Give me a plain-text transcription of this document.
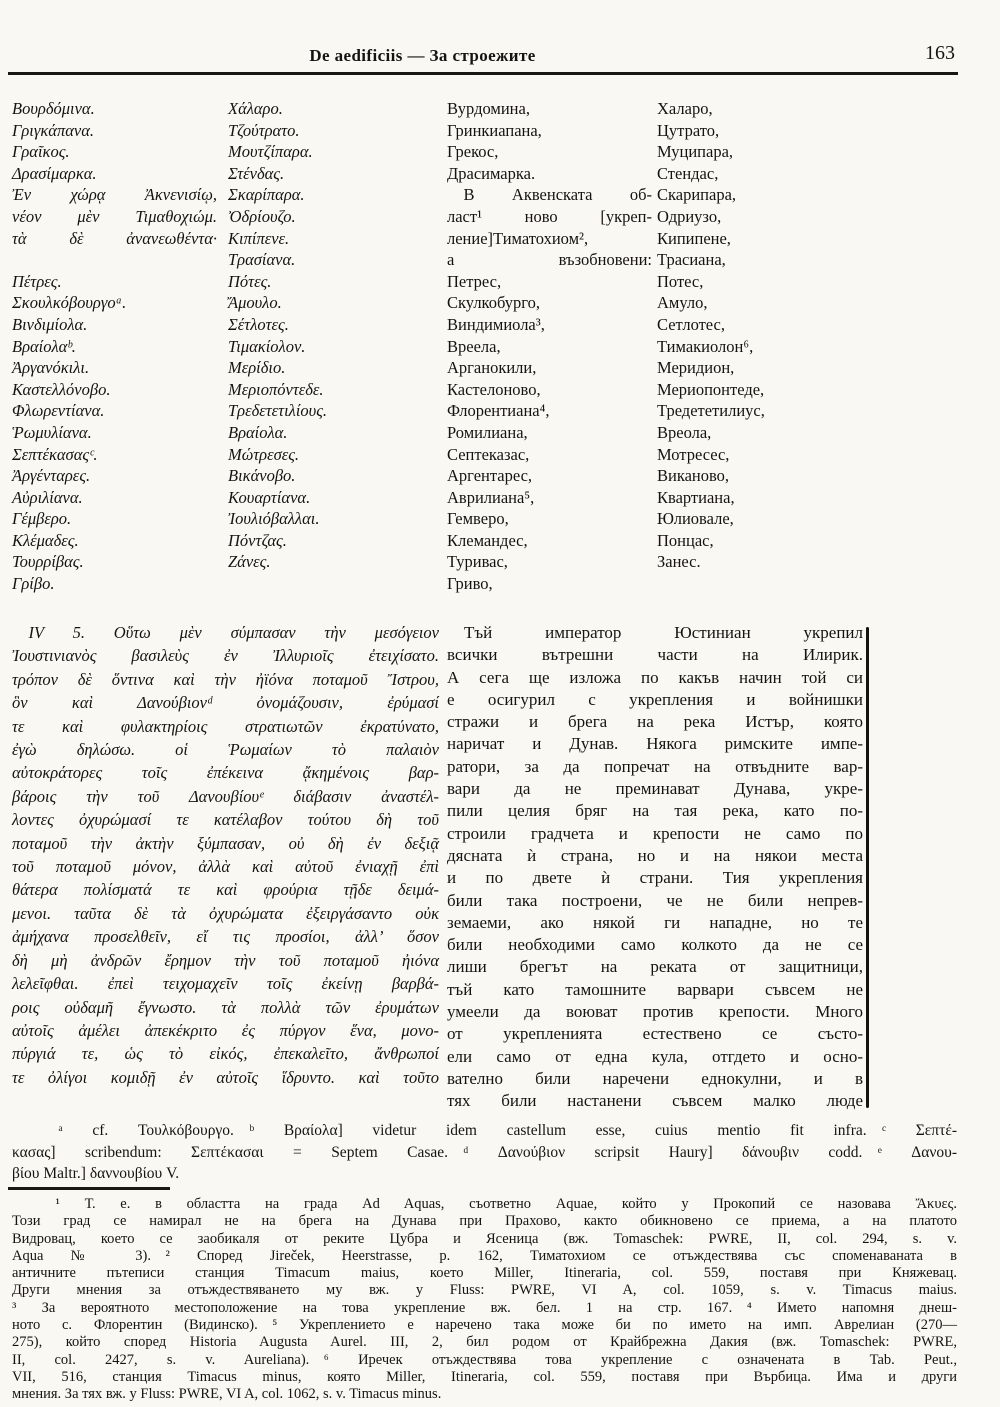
De aedificiis — За строежите	163
Βουρδόμινα.
Γριγκάπανα.
Γραῖκος.
Δρασίμαρκα.
Ἐν χώρᾳ Ἀκνενισίῳ,
νέον μὲν Τιμαθοχιώμ.
τὰ δὲ ἀνανεωθέντα·

Πέτρες.
Σκουλκόβουργοᵃ.
Βινδιμίολα.
Βραίολαᵇ.
Ἀργανόκιλι.
Καστελλόνοβο.
Φλωρεντίανα.
Ῥωμυλίανα.
Σεπτέκασαςᶜ.
Ἀργένταρες.
Αὐριλίανα.
Γέμβερο.
Κλέμαδες.
Τουρρίβας.
Γρίβο.
Χάλαρο.
Τζούτρατο.
Μουτζίπαρα.
Στένδας.
Σκαρίπαρα.
Ὀδρίουζο.
Κιπίπενε.
Τρασίανα.
Πότες.
Ἄμουλο.
Σέτλοτες.
Τιμακίολον.
Μερίδιο.
Μεριοπόντεδε.
Τρεδετετιλίους.
Βραίολα.
Μώτρεσες.
Βικάνοβο.
Κουαρτίανα.
Ἰουλιόβαλλαι.
Πόντζας.
Ζάνες.
Вурдомина,
Гринкиапана,
Грекос,
Драсимарка.
 В Аквенската об-
ласт¹ ново [укреп-
ление]Тиматохиом²,
а възобновени:
Петрес,
Скулкобурго,
Виндимиола³,
Вреела,
Арганокили,
Кастелоново,
Флорентиана⁴,
Ромилиана,
Септеказас,
Аргентарес,
Аврилиана⁵,
Гемверо,
Клемандес,
Туривас,
Гриво,
Халаро,
Цутрато,
Муципара,
Стендас,
Скарипара,
Одриузо,
Кипипене,
Трасиана,
Потес,
Амуло,
Сетлотес,
Тимакиолон⁶,
Меридион,
Мериопонтеде,
Тредететилиус,
Вреола,
Мотресес,
Виканово,
Квартиана,
Юлиовале,
Понцас,
Занес.
 IV 5. Οὕτω μὲν σύμπασαν τὴν μεσόγειον
Ἰουστινιανὸς βασιλεὺς ἐν Ἰλλυριοῖς ἐτειχίσατο.
τρόπον δὲ ὅντινα καὶ τὴν ἠϊόνα ποταμοῦ Ἴστρου,
ὃν καὶ Δανούβιονᵈ ὀνομάζουσιν, ἐρύμασί
τε καὶ φυλακτηρίοις στρατιωτῶν ἐκρατύνατο,
ἐγὼ δηλώσω. οἱ Ῥωμαίων τὸ παλαιὸν
αὐτοκράτορες τοῖς ἐπέκεινα ᾄκημένοις βαρ-
βάροις τὴν τοῦ Δανουβίουᵉ διάβασιν ἀναστέλ-
λοντες ὀχυρώμασί τε κατέλαβον τούτου δὴ τοῦ
ποταμοῦ τὴν ἀκτὴν ξύμπασαν, οὐ δὴ ἐν δεξιᾷ
τοῦ ποταμοῦ μόνον, ἀλλὰ καὶ αὐτοῦ ἐνιαχῇ ἐπὶ
θάτερα πολίσματά τε καὶ φρούρια τῇδε δειμά-
μενοι. ταῦτα δὲ τὰ ὀχυρώματα ἐξειργάσαντο οὐκ
ἀμήχανα προσελθεῖν, εἴ τις προσίοι, ἀλλ’ ὅσον
δὴ μὴ ἀνδρῶν ἔρημον τὴν τοῦ ποταμοῦ ἠιόνα
λελεῖφθαι. ἐπεὶ τειχομαχεῖν τοῖς ἐκείνῃ βαρβά-
ροις οὐδαμῆ ἔγνωστο. τὰ πολλὰ τῶν ἐρυμάτων
αὐτοῖς ἀμέλει ἀπεκέκριτο ἐς πύργον ἕνα, μονο-
πύργιά τε, ὡς τὸ εἰκός, ἐπεκαλεῖτο, ἄνθρωποί
τε ὀλίγοι κομιδῇ ἐν αὐτοῖς ἵδρυντο. καὶ τοῦτο
 Тъй император Юстиниан укрепил
всички вътрешни части на Илирик.
А сега ще изложа по какъв начин той си
е осигурил с укрепления и войнишки
стражи и брега на река Истър, която
наричат и Дунав. Някога римските импе-
ратори, за да попречат на отвъдните вар-
вари да не преминават Дунава, укре-
пили целия бряг на тая река, като по-
строили градчета и крепости не само по
дясната ѝ страна, но и на някои места
и по двете ѝ страни. Тия укрепления
били така построени, че не били непрев-
земаеми, ако някой ги нападне, но те
били необходими само колкото да не се
лиши брегът на реката от защитници,
тъй като тамошните варвари съвсем не
умеели да воюват против крепости. Много
от укрепленията естествено се състо-
ели само от една кула, отгдето и осно-
вателно били наречени еднокулни, и в
тях били настанени съвсем малко люде
   ᵃ cf. Τουλκόβουργο. ᵇ Βραίολα] videtur idem castellum esse, cuius mentio fit infra. ᶜ Σεπτέ-
κασας] scribendum: Σεπτέκασαι = Septem Casae. ᵈ Δανούβιον scripsit Haury] δάνουβιν codd. ᵉ Δανου-
βίου Maltr.] δαννουβίου V.
   ¹ Т. е. в областта на града Ad Aquas, съответно Aquae, който у Прокопий се назовава Ἄκυες.
Този град се намирал не на брега на Дунава при Прахово, както обикновено се приема, а на платото
Видровац, което се заобикаля от реките Цубра и Ясеница (вж. Tomaschek: PWRE, II, col. 294, s. v.
Aqua № 3). ² Според Jireček, Heerstrasse, p. 162, Тиматохиом се отъждествява със споменаваната в
античните пътеписи станция Timacum maius, което Miller, Itineraria, col. 559, поставя при Княжевац.
Други мнения за отъждествяването му вж. у Fluss: PWRE, VI A, col. 1059, s. v. Timacus maius.
³ За вероятното местоположение на това укрепление вж. бел. 1 на стр. 167. ⁴ Името напомня днеш-
ното с. Флорентин (Видинско). ⁵ Укреплението е наречено така може би по името на имп. Аврелиан (270—
275), който според Historia Augusta Aurel. III, 2, бил родом от Крайбрежна Дакия (вж. Tomaschek: PWRE,
II, col. 2427, s. v. Aureliana). ⁶ Иречек отъждествява това укрепление с означената в Tab. Peut.,
VII, 516, станция Timacus minus, която Miller, Itineraria, col. 559, поставя при Върбица. Има и други
мнения. За тях вж. у Fluss: PWRE, VI A, col. 1062, s. v. Timacus minus.
